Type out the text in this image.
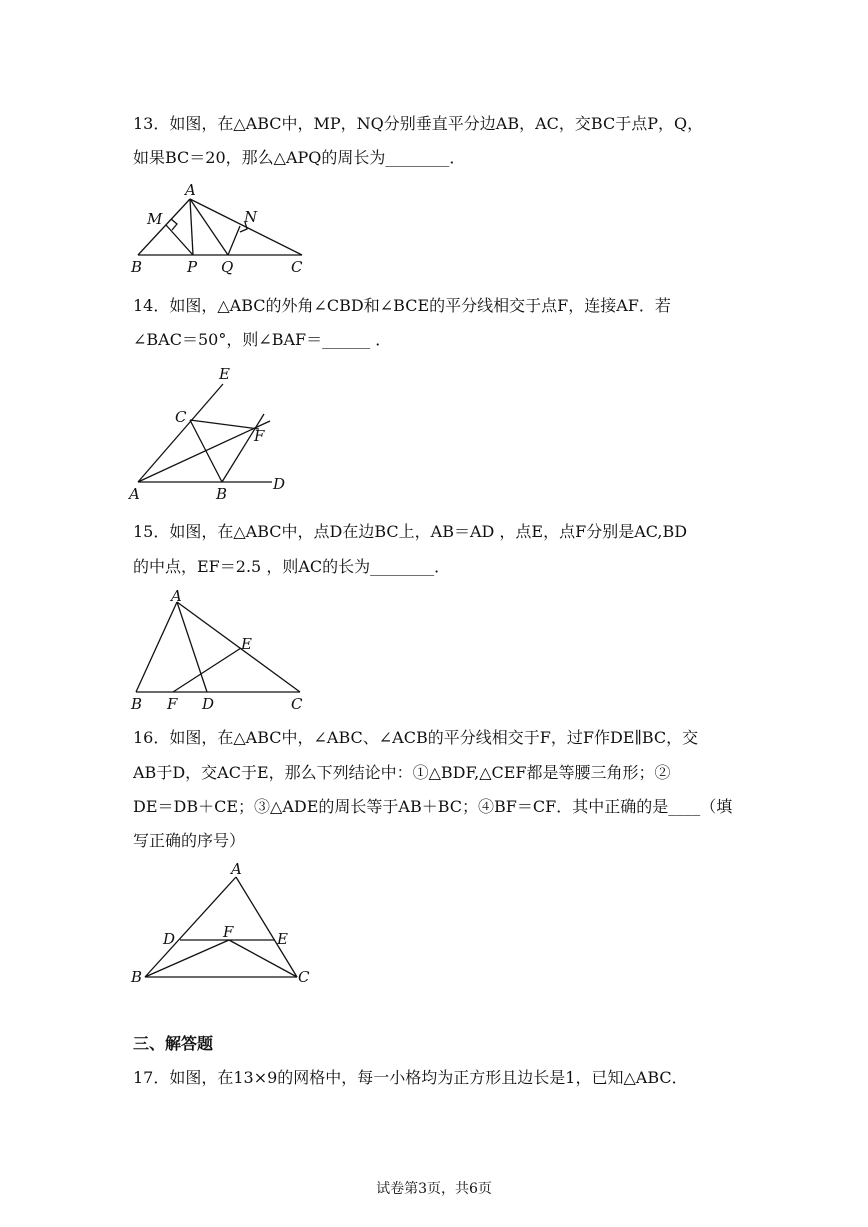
13．如图，在△ABC中，MP，NQ分别垂直平分边AB，AC，交BC于点P，Q，
如果BC＝20，那么△APQ的周长为________．
A
M	N
B	P Q	C
14．如图，△ABC的外角∠CBD和∠BCE的平分线相交于点F，连接AF．若
∠BAC＝50°，则∠BAF＝______ ．
E
C
F
A	B
D
15．如图，在△ABC中，点D在边BC上，AB＝AD ，点E，点F分别是AC,BD
的中点，EF＝2.5 ，则AC的长为________．
A
E
B F D	C
16．如图，在△ABC中，∠ABC、∠ACB的平分线相交于F，过F作DE∥BC，交
AB于D，交AC于E，那么下列结论中：①△BDF,△CEF都是等腰三角形；②
DE＝DB＋CE；③△ADE的周长等于AB＋BC；④BF＝CF．其中正确的是____（填
写正确的序号）
A
D	F	E
B	C
三、解答题
17．如图，在13×9的网格中，每一小格均为正方形且边长是1，已知△ABC．
试卷第3页，共6页
